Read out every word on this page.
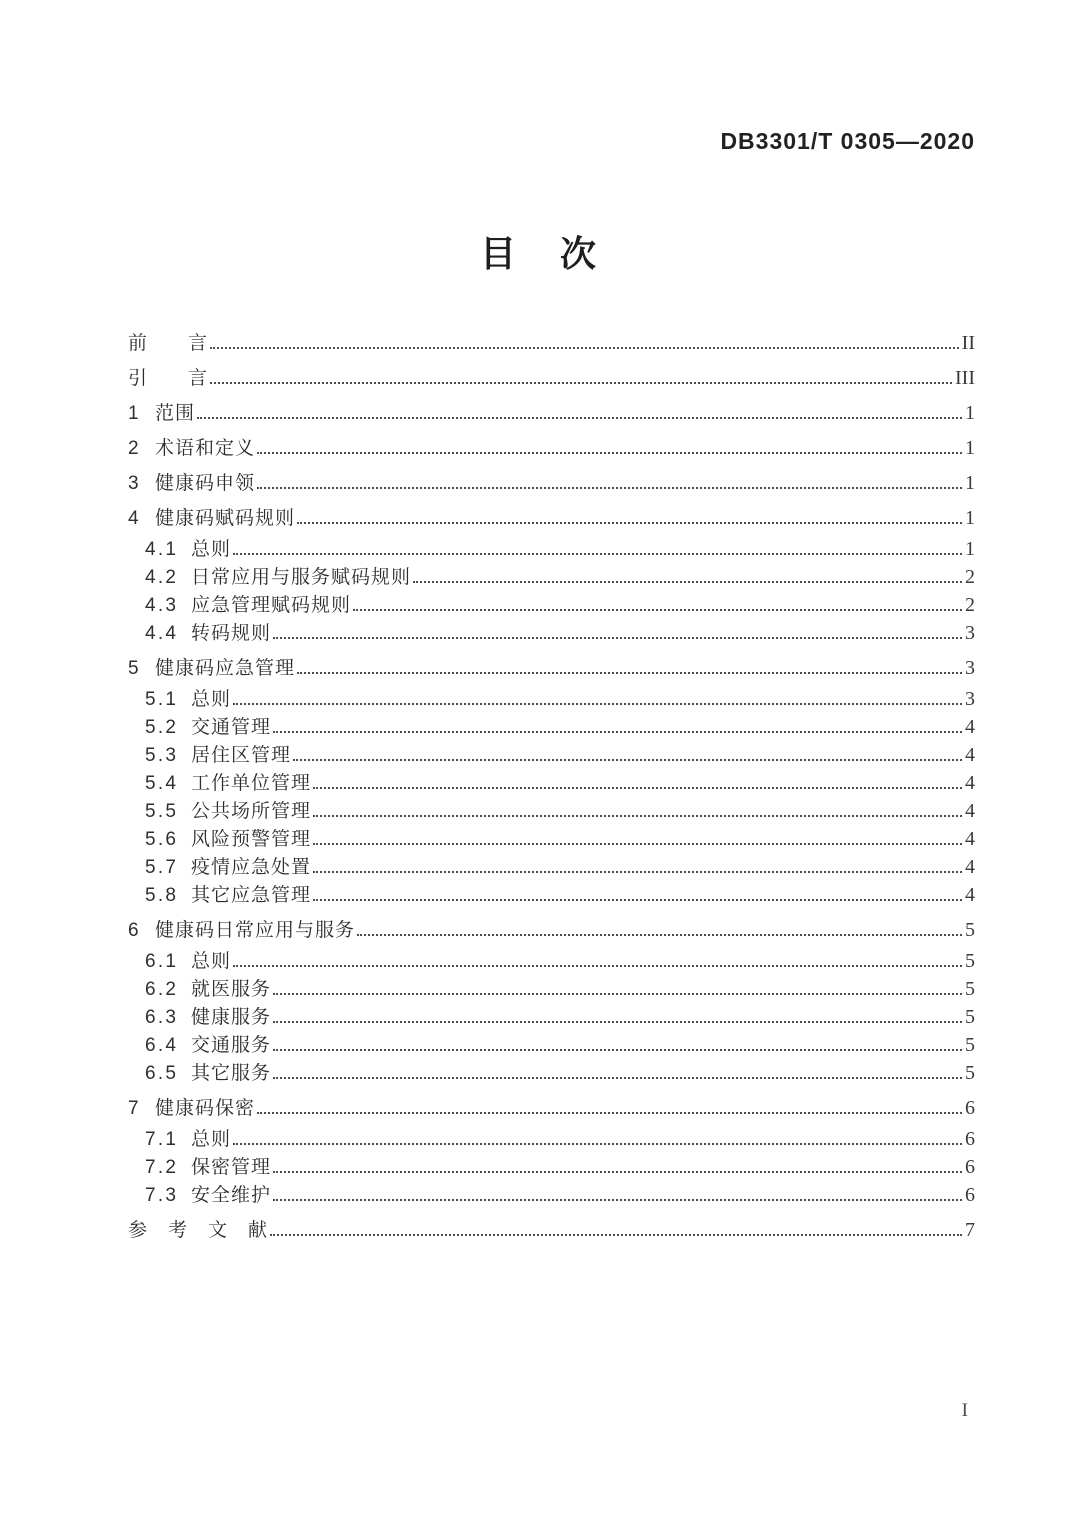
DB3301/T 0305—2020
目　次
前　　言	II
引　　言	III
1 范围	1
2 术语和定义	1
3 健康码申领	1
4 健康码赋码规则	1
4.1 总则	1
4.2 日常应用与服务赋码规则	2
4.3 应急管理赋码规则	2
4.4 转码规则	3
5 健康码应急管理	3
5.1 总则	3
5.2 交通管理	4
5.3 居住区管理	4
5.4 工作单位管理	4
5.5 公共场所管理	4
5.6 风险预警管理	4
5.7 疫情应急处置	4
5.8 其它应急管理	4
6 健康码日常应用与服务	5
6.1 总则	5
6.2 就医服务	5
6.3 健康服务	5
6.4 交通服务	5
6.5 其它服务	5
7 健康码保密	6
7.1 总则	6
7.2 保密管理	6
7.3 安全维护	6
参　考　文　献	7
I
